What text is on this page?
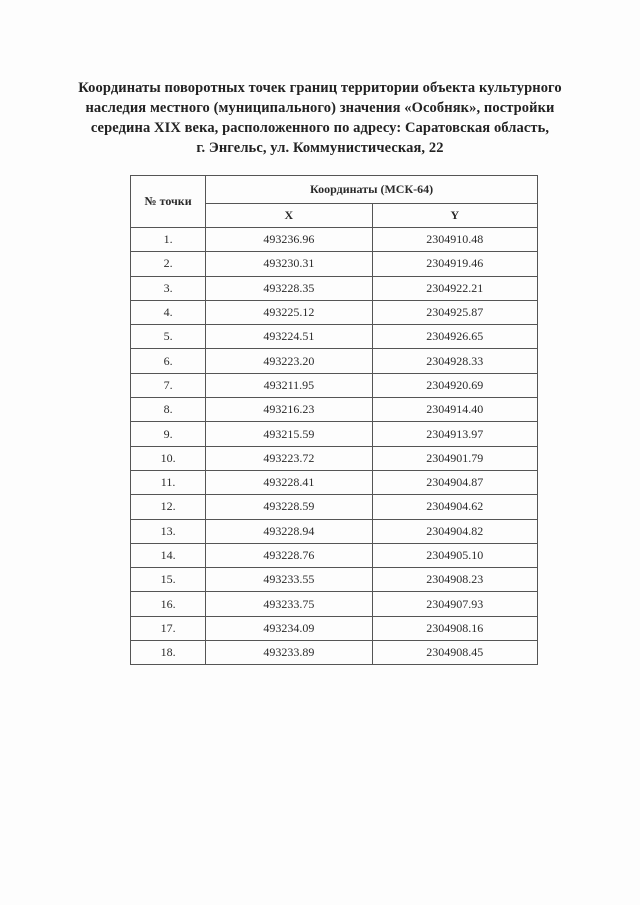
Координаты поворотных точек границ территории объекта культурного
наследия местного (муниципального) значения «Особняк», постройки
середина XIX века, расположенного по адресу: Саратовская область,
г. Энгельс, ул. Коммунистическая, 22
№ точки	Координаты (МСК-64)	
	X	Y
1.	493236.96	2304910.48
2.	493230.31	2304919.46
3.	493228.35	2304922.21
4.	493225.12	2304925.87
5.	493224.51	2304926.65
6.	493223.20	2304928.33
7.	493211.95	2304920.69
8.	493216.23	2304914.40
9.	493215.59	2304913.97
10.	493223.72	2304901.79
11.	493228.41	2304904.87
12.	493228.59	2304904.62
13.	493228.94	2304904.82
14.	493228.76	2304905.10
15.	493233.55	2304908.23
16.	493233.75	2304907.93
17.	493234.09	2304908.16
18.	493233.89	2304908.45
